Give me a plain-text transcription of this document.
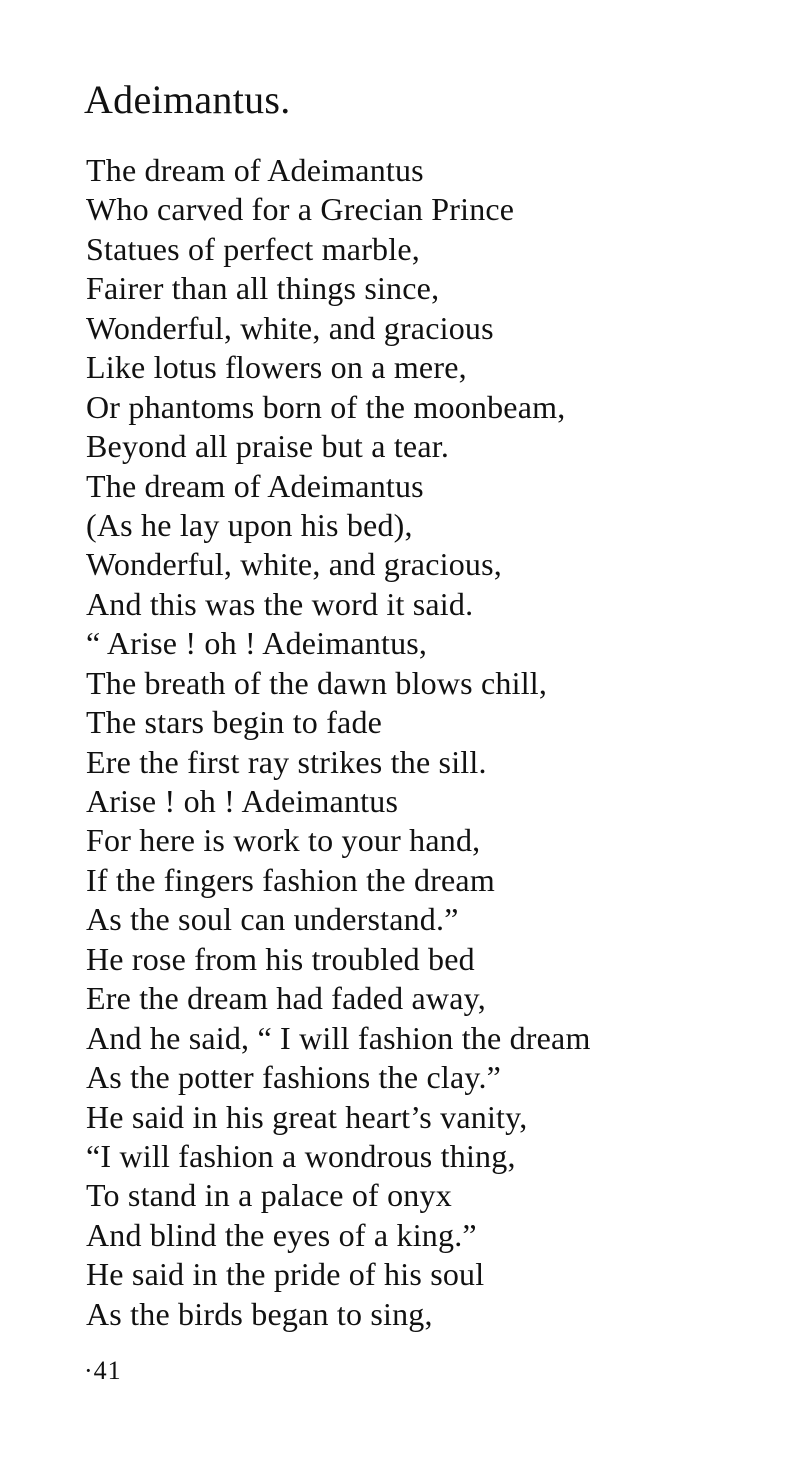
Adeimantus.
The dream of Adeimantus
Who carved for a Grecian Prince
Statues of perfect marble,
Fairer than all things since,
Wonderful, white, and gracious
Like lotus flowers on a mere,
Or phantoms born of the moonbeam,
Beyond all praise but a tear.
The dream of Adeimantus
(As he lay upon his bed),
Wonderful, white, and gracious,
And this was the word it said.
“ Arise ! oh ! Adeimantus,
The breath of the dawn blows chill,
The stars begin to fade
Ere the first ray strikes the sill.
Arise ! oh ! Adeimantus
For here is work to your hand,
If the fingers fashion the dream
As the soul can understand.”
He rose from his troubled bed
Ere the dream had faded away,
And he said, “ I will fashion the dream
As the potter fashions the clay.”
He said in his great heart’s vanity,
“I will fashion a wondrous thing,
To stand in a palace of onyx
And blind the eyes of a king.”
He said in the pride of his soul
As the birds began to sing,
·41
